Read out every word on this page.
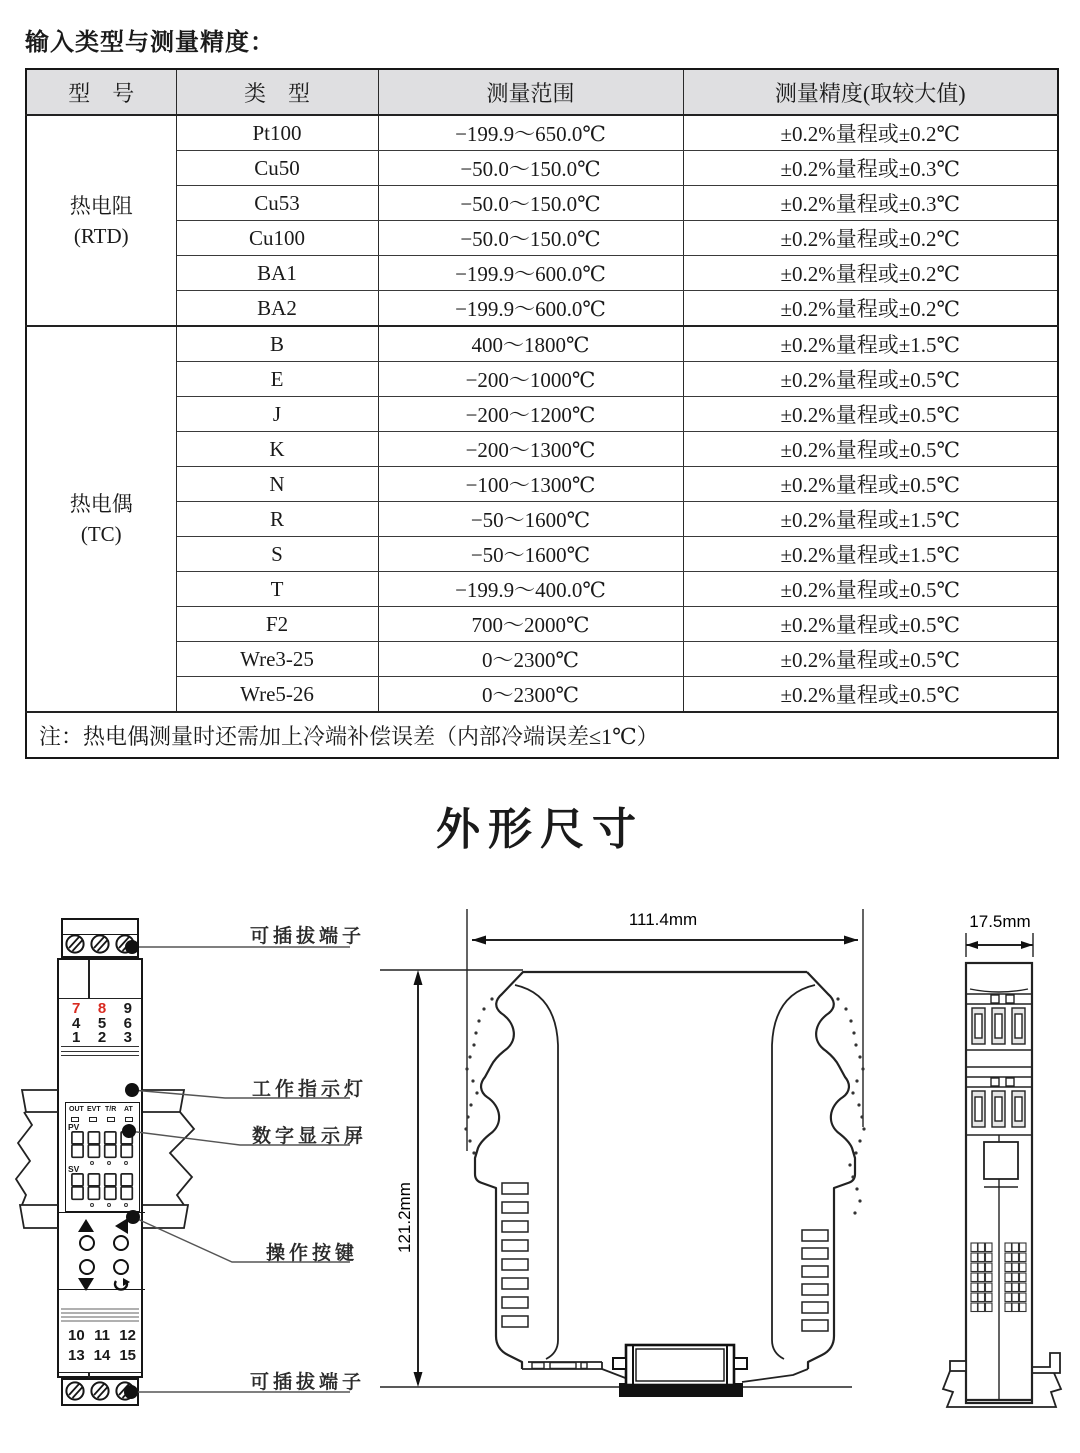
输入类型与测量精度：
型　号	类　型	测量范围	测量精度(取较大值)

热电阻
(RTD)	Pt100	−199.9～650.0℃	±0.2%量程或±0.2℃
	Cu50	−50.0～150.0℃	±0.2%量程或±0.3℃
	Cu53	−50.0～150.0℃	±0.2%量程或±0.3℃
	Cu100	−50.0～150.0℃	±0.2%量程或±0.2℃
	BA1	−199.9～600.0℃	±0.2%量程或±0.2℃
	BA2	−199.9～600.0℃	±0.2%量程或±0.2℃

热电偶
(TC)	B	400～1800℃	±0.2%量程或±1.5℃
	E	−200～1000℃	±0.2%量程或±0.5℃
	J	−200～1200℃	±0.2%量程或±0.5℃
	K	−200～1300℃	±0.2%量程或±0.5℃
	N	−100～1300℃	±0.2%量程或±0.5℃
	R	−50～1600℃	±0.2%量程或±1.5℃
	S	−50～1600℃	±0.2%量程或±1.5℃
	T	−199.9～400.0℃	±0.2%量程或±0.5℃
	F2	700～2000℃	±0.2%量程或±0.5℃
	Wre3-25	0～2300℃	±0.2%量程或±0.5℃
	Wre5-26	0～2300℃	±0.2%量程或±0.5℃
注：热电偶测量时还需加上冷端补偿误差（内部冷端误差≤1℃）			
外形尺寸
7 8 9
4 5 6
1 2 3
OUT EVT T/R AT
PV
SV
10 11 12
13 14 15
111.4mm
121.2mm
17.5mm
可插拔端子
工作指示灯
数字显示屏
操作按键
可插拔端子
